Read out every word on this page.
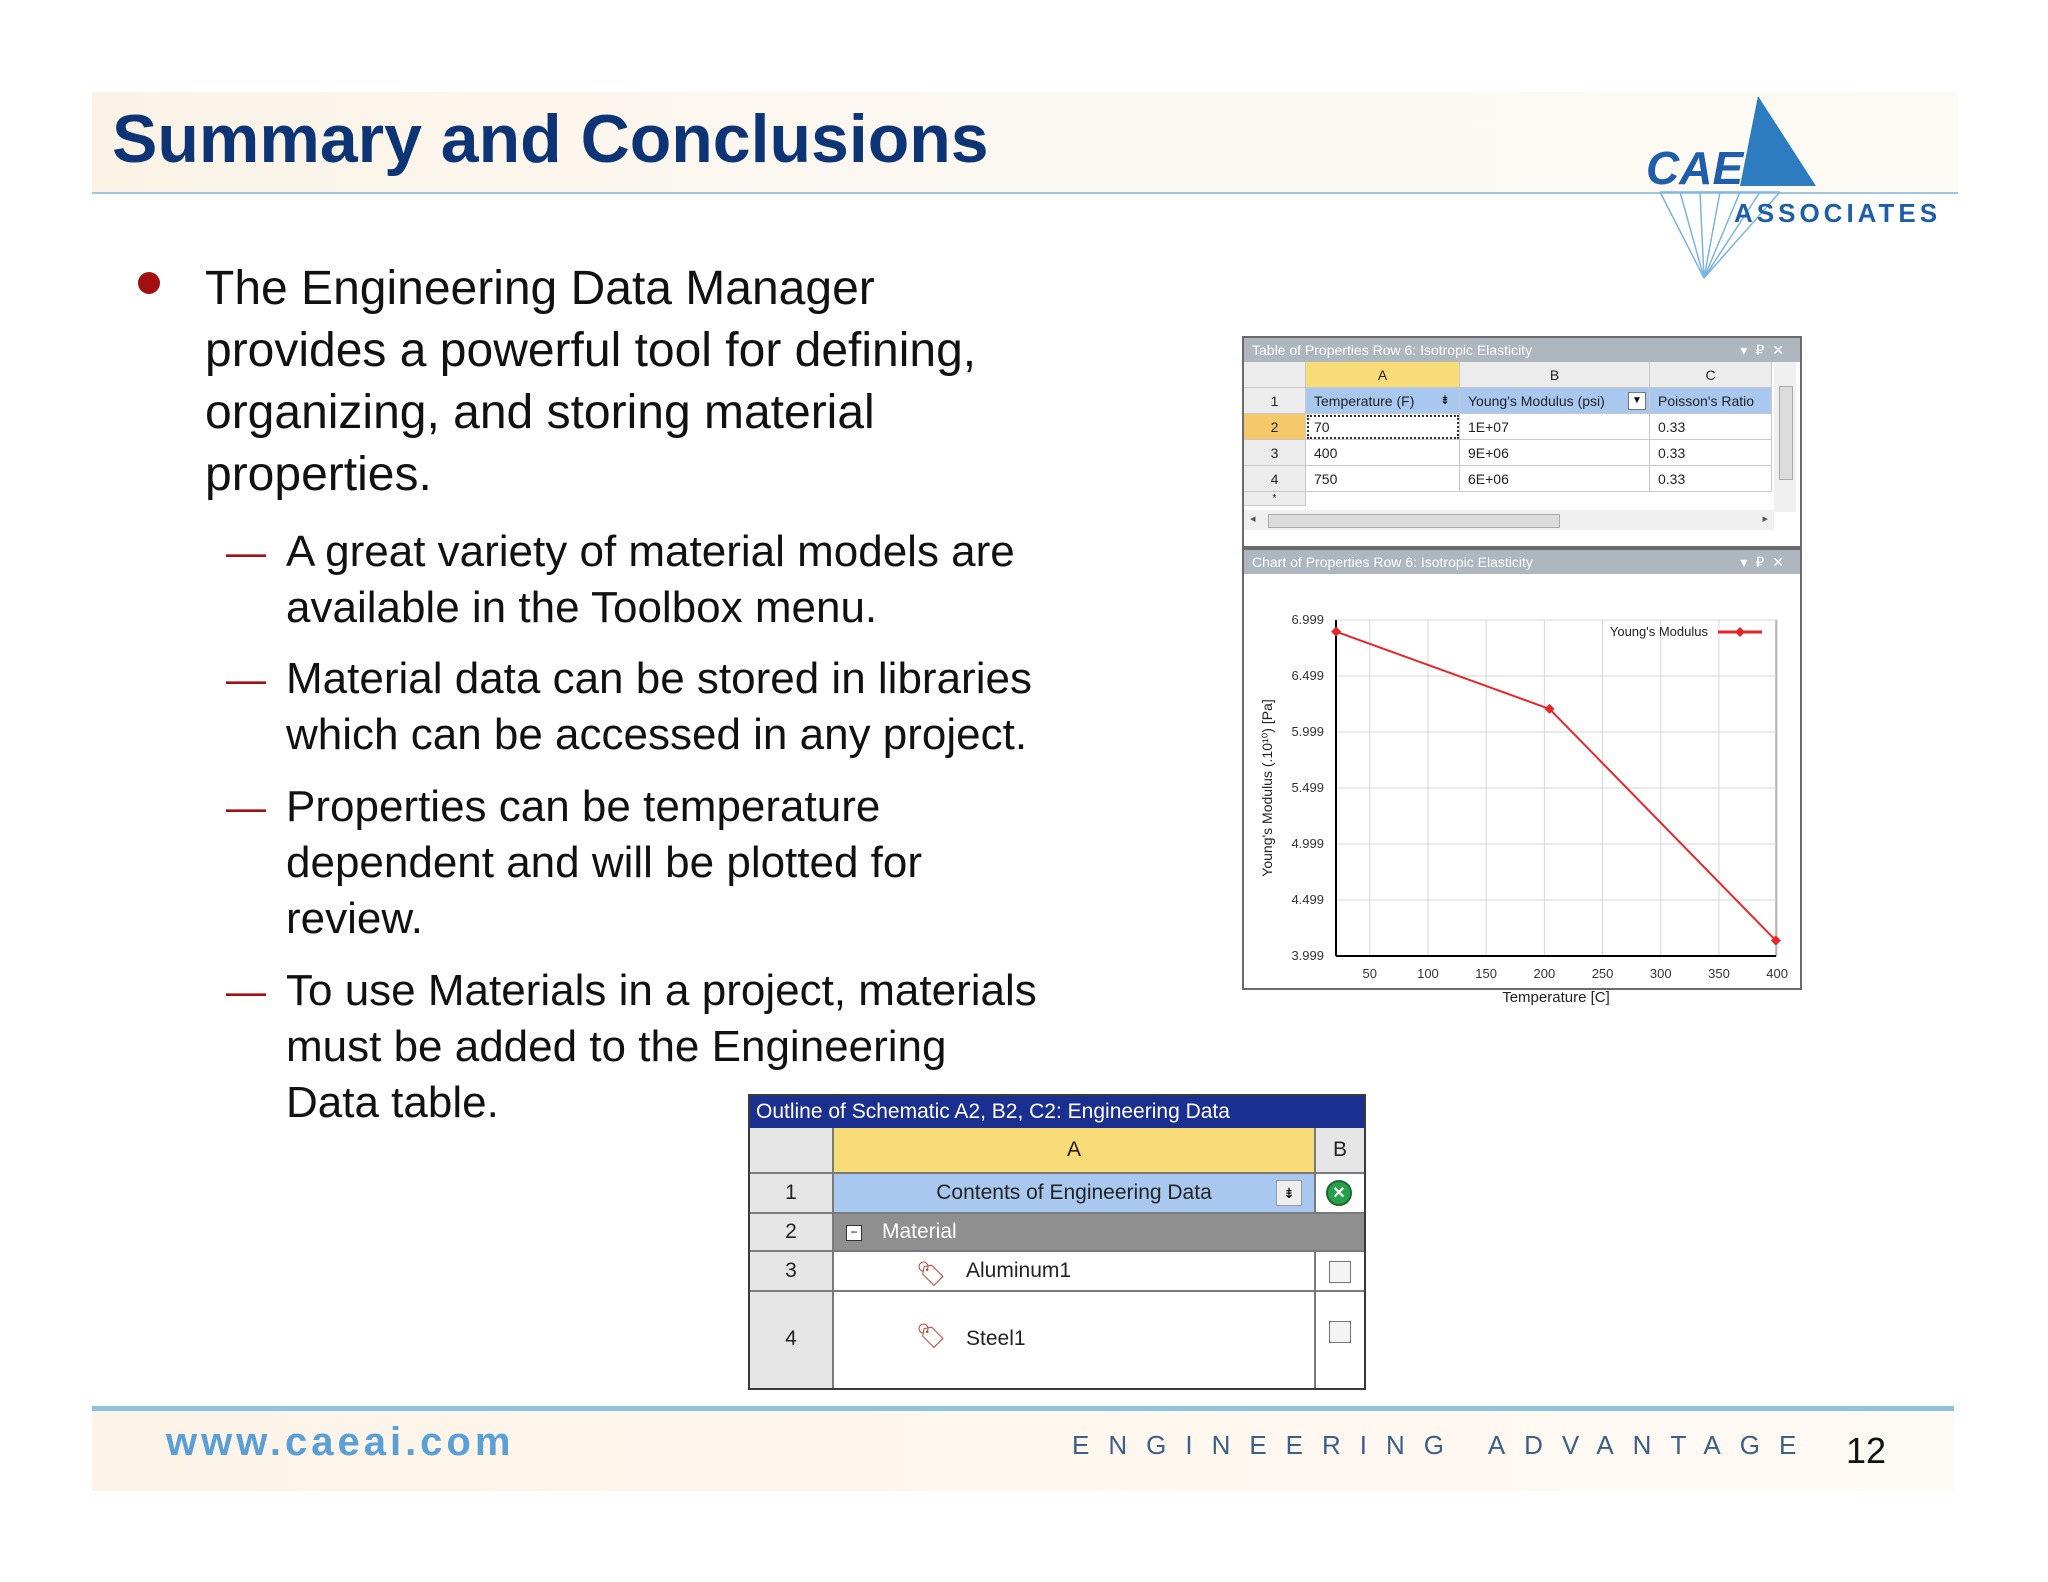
Summary and Conclusions	CAE
ASSOCIATES
The Engineering Data Manager
provides a powerful tool for defining,
organizing, and storing material
properties.
— A great variety of material models are
available in the Toolbox menu.
— Material data can be stored in libraries
which can be accessed in any project.
— Properties can be temperature
dependent and will be plotted for
review.
— To use Materials in a project, materials
must be added to the Engineering
Data table.
Table of Properties Row 6: Isotropic Elasticity	▾₽✕
A	B	C
1	Temperature (F)	Young's Modulus (psi)	Poisson's Ratio
⇟	▼
2	70	1E+07	0.33
3	400	9E+06	0.33
4	750	6E+06	0.33
*
◂	▸
Chart of Properties Row 6: Isotropic Elasticity	▾₽✕
50	100	150	200	250	300	350	400
6.999
6.499
5.999
5.499
4.999
4.499
3.999
Temperature [C]
Young's Modulus (.10¹⁰) [Pa]
Young's Modulus
Outline of Schematic A2, B2, C2: Engineering Data
A	B
1	Contents of Engineering Data	⇟	✕
2	Material
−
3	🏷 Aluminum1
4	🏷 Steel1
www.caeai.com	ENGINEERING ADVANTAGE 12
